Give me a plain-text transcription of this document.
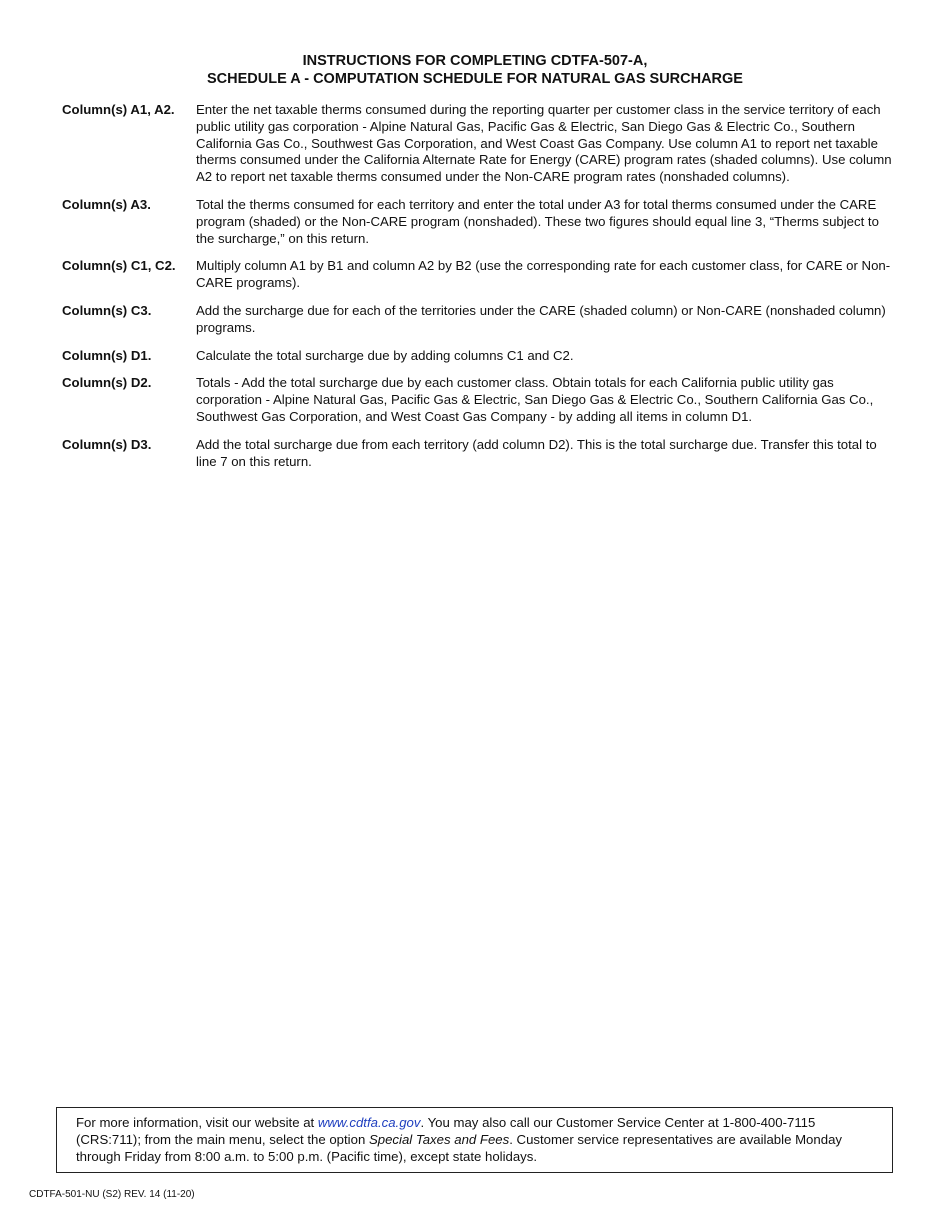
INSTRUCTIONS FOR COMPLETING CDTFA-507-A,
SCHEDULE A - COMPUTATION SCHEDULE FOR NATURAL GAS SURCHARGE
Column(s) A1, A2.	Enter the net taxable therms consumed during the reporting quarter per customer class in the service territory of each public utility gas corporation - Alpine Natural Gas, Pacific Gas & Electric, San Diego Gas & Electric Co., Southern California Gas Co., Southwest Gas Corporation, and West Coast Gas Company. Use column A1 to report net taxable therms consumed under the California Alternate Rate for Energy (CARE) program rates (shaded columns). Use column A2 to report net taxable therms consumed under the Non-CARE program rates (nonshaded columns).
Column(s) A3.	Total the therms consumed for each territory and enter the total under A3 for total therms consumed under the CARE program (shaded) or the Non-CARE program (nonshaded). These two figures should equal line 3, “Therms subject to the surcharge,” on this return.
Column(s) C1, C2.	Multiply column A1 by B1 and column A2 by B2 (use the corresponding rate for each customer class, for CARE or Non-CARE programs).
Column(s) C3.	Add the surcharge due for each of the territories under the CARE (shaded column) or Non-CARE (nonshaded column) programs.
Column(s) D1.	Calculate the total surcharge due by adding columns C1 and C2.
Column(s) D2.	Totals - Add the total surcharge due by each customer class. Obtain totals for each California public utility gas corporation - Alpine Natural Gas, Pacific Gas & Electric, San Diego Gas & Electric Co., Southern California Gas Co., Southwest Gas Corporation, and West Coast Gas Company - by adding all items in column D1.
Column(s) D3.	Add the total surcharge due from each territory (add column D2). This is the total surcharge due. Transfer this total to line 7 on this return.
For more information, visit our website at www.cdtfa.ca.gov. You may also call our Customer Service Center at 1-800-400-7115 (CRS:711); from the main menu, select the option Special Taxes and Fees. Customer service representatives are available Monday through Friday from 8:00 a.m. to 5:00 p.m. (Pacific time), except state holidays.
CDTFA-501-NU (S2) REV. 14 (11-20)
